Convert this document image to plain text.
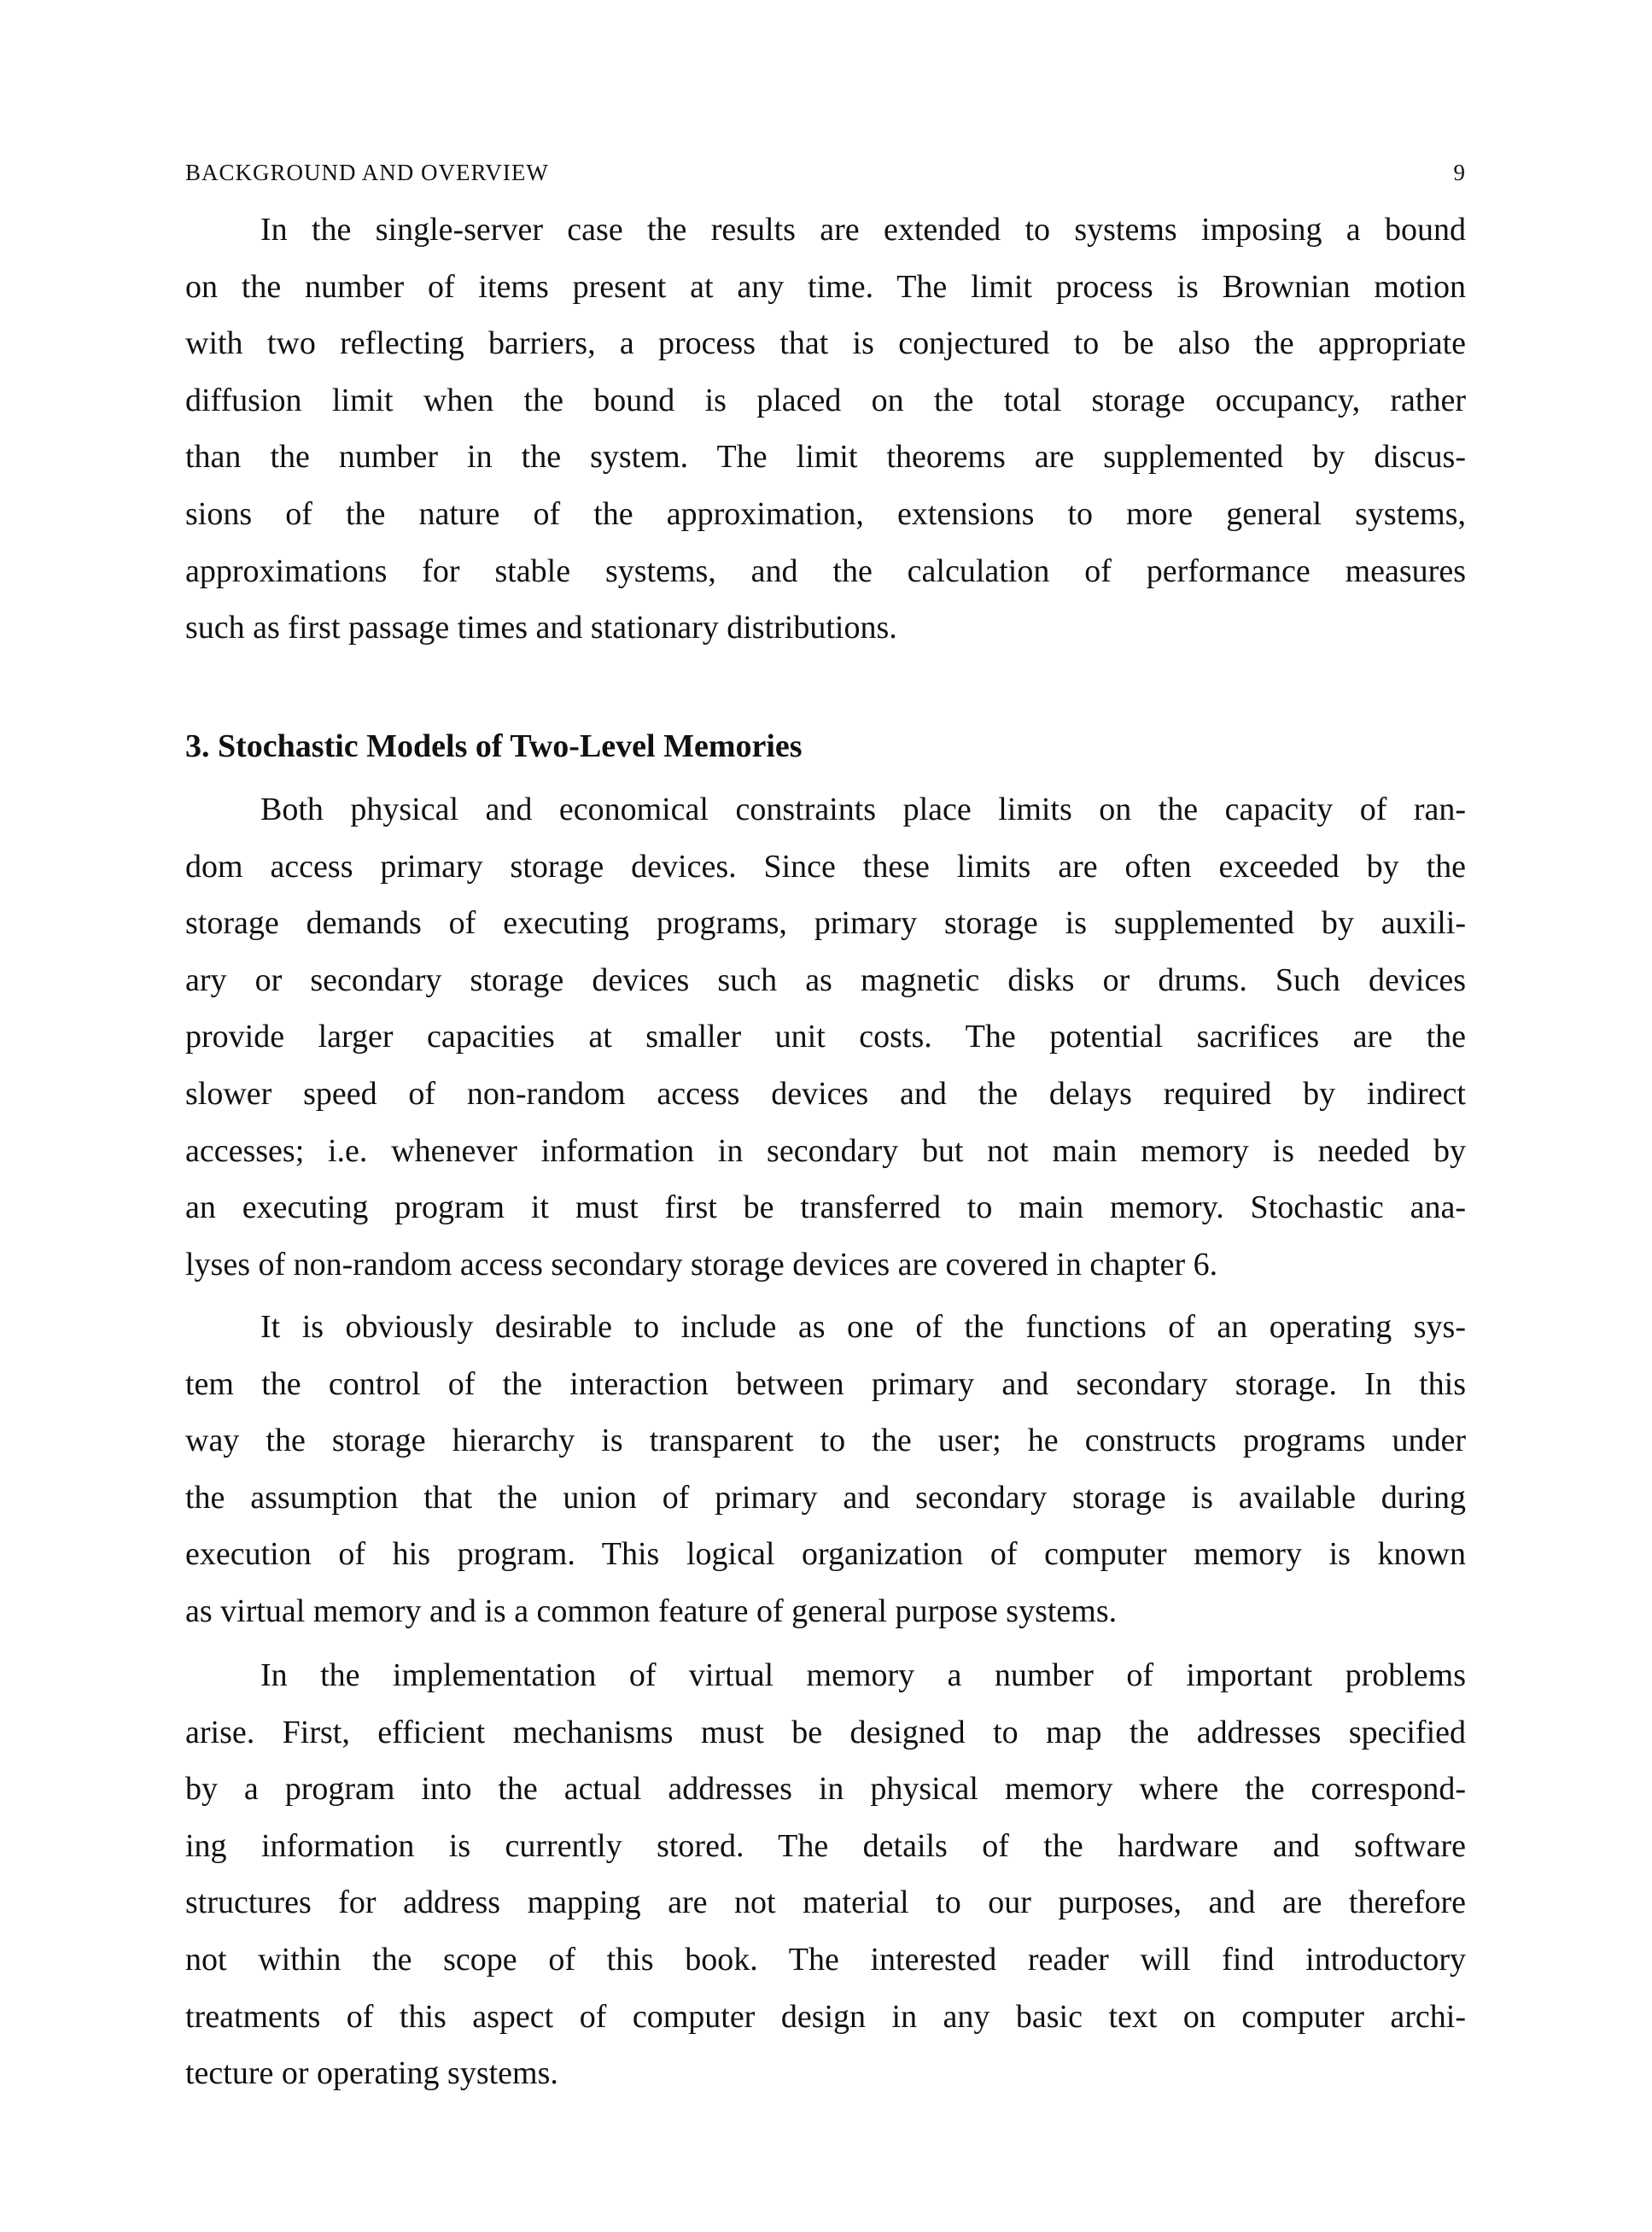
BACKGROUND AND OVERVIEW	9
In the single-server case the results are extended to systems imposing a bound
on the number of items present at any time. The limit process is Brownian motion
with two reflecting barriers, a process that is conjectured to be also the appropriate
diffusion limit when the bound is placed on the total storage occupancy, rather
than the number in the system. The limit theorems are supplemented by discus-
sions of the nature of the approximation, extensions to more general systems,
approximations for stable systems, and the calculation of performance measures
such as first passage times and stationary distributions.
3. Stochastic Models of Two-Level Memories
Both physical and economical constraints place limits on the capacity of ran-
dom access primary storage devices. Since these limits are often exceeded by the
storage demands of executing programs, primary storage is supplemented by auxili-
ary or secondary storage devices such as magnetic disks or drums. Such devices
provide larger capacities at smaller unit costs. The potential sacrifices are the
slower speed of non-random access devices and the delays required by indirect
accesses; i.e. whenever information in secondary but not main memory is needed by
an executing program it must first be transferred to main memory. Stochastic ana-
lyses of non-random access secondary storage devices are covered in chapter 6.
It is obviously desirable to include as one of the functions of an operating sys-
tem the control of the interaction between primary and secondary storage. In this
way the storage hierarchy is transparent to the user; he constructs programs under
the assumption that the union of primary and secondary storage is available during
execution of his program. This logical organization of computer memory is known
as virtual memory and is a common feature of general purpose systems.
In the implementation of virtual memory a number of important problems
arise. First, efficient mechanisms must be designed to map the addresses specified
by a program into the actual addresses in physical memory where the correspond-
ing information is currently stored. The details of the hardware and software
structures for address mapping are not material to our purposes, and are therefore
not within the scope of this book. The interested reader will find introductory
treatments of this aspect of computer design in any basic text on computer archi-
tecture or operating systems.
